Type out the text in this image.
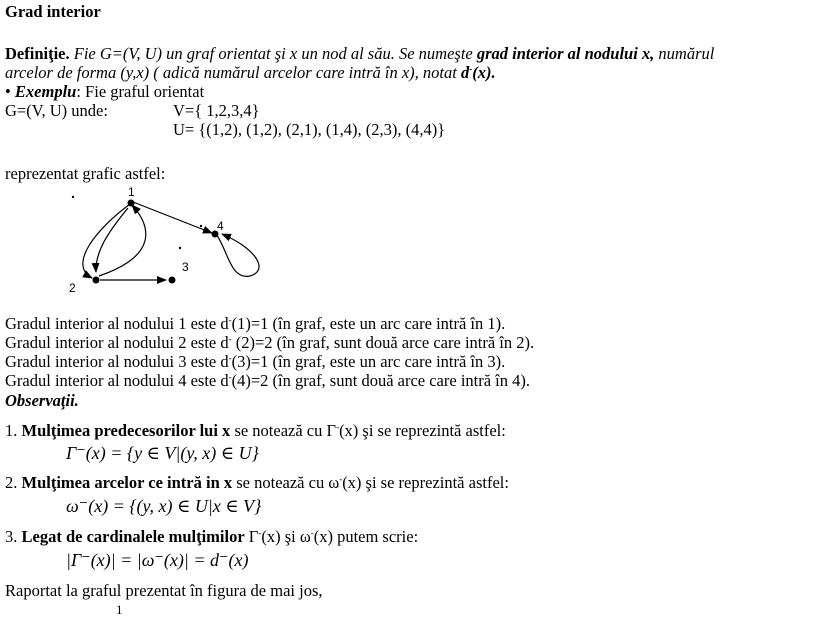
Grad interior
Definiţie. Fie G=(V, U) un graf orientat şi x un nod al său. Se numeşte grad interior al nodului x, numărul
arcelor de forma (y,x) ( adică numărul arcelor care intră în x), notat d-(x).
• Exemplu: Fie graful orientat
G=(V, U) unde:	V={ 1,2,3,4}
U= {(1,2), (1,2), (2,1), (1,4), (2,3), (4,4)}
reprezentat grafic astfel:
1
2
3
4
Gradul interior al nodului 1 este d-(1)=1 (în graf, este un arc care intră în 1).
Gradul interior al nodului 2 este d- (2)=2 (în graf, sunt două arce care intră în 2).
Gradul interior al nodului 3 este d-(3)=1 (în graf, este un arc care intră în 3).
Gradul interior al nodului 4 este d-(4)=2 (în graf, sunt două arce care intră în 4).
Observaţii.
1. Mulţimea predecesorilor lui x se notează cu Γ-(x) şi se reprezintă astfel:
Γ⁻(x) = {y ∈ V|(y, x) ∈ U}
2. Mulţimea arcelor ce intră in x se notează cu ω-(x) şi se reprezintă astfel:
ω⁻(x) = {(y, x) ∈ U|x ∈ V}
3. Legat de cardinalele mulţimilor Γ-(x) şi ω-(x) putem scrie:
|Γ⁻(x)| = |ω⁻(x)| = d⁻(x)
Raportat la graful prezentat în figura de mai jos,
1
